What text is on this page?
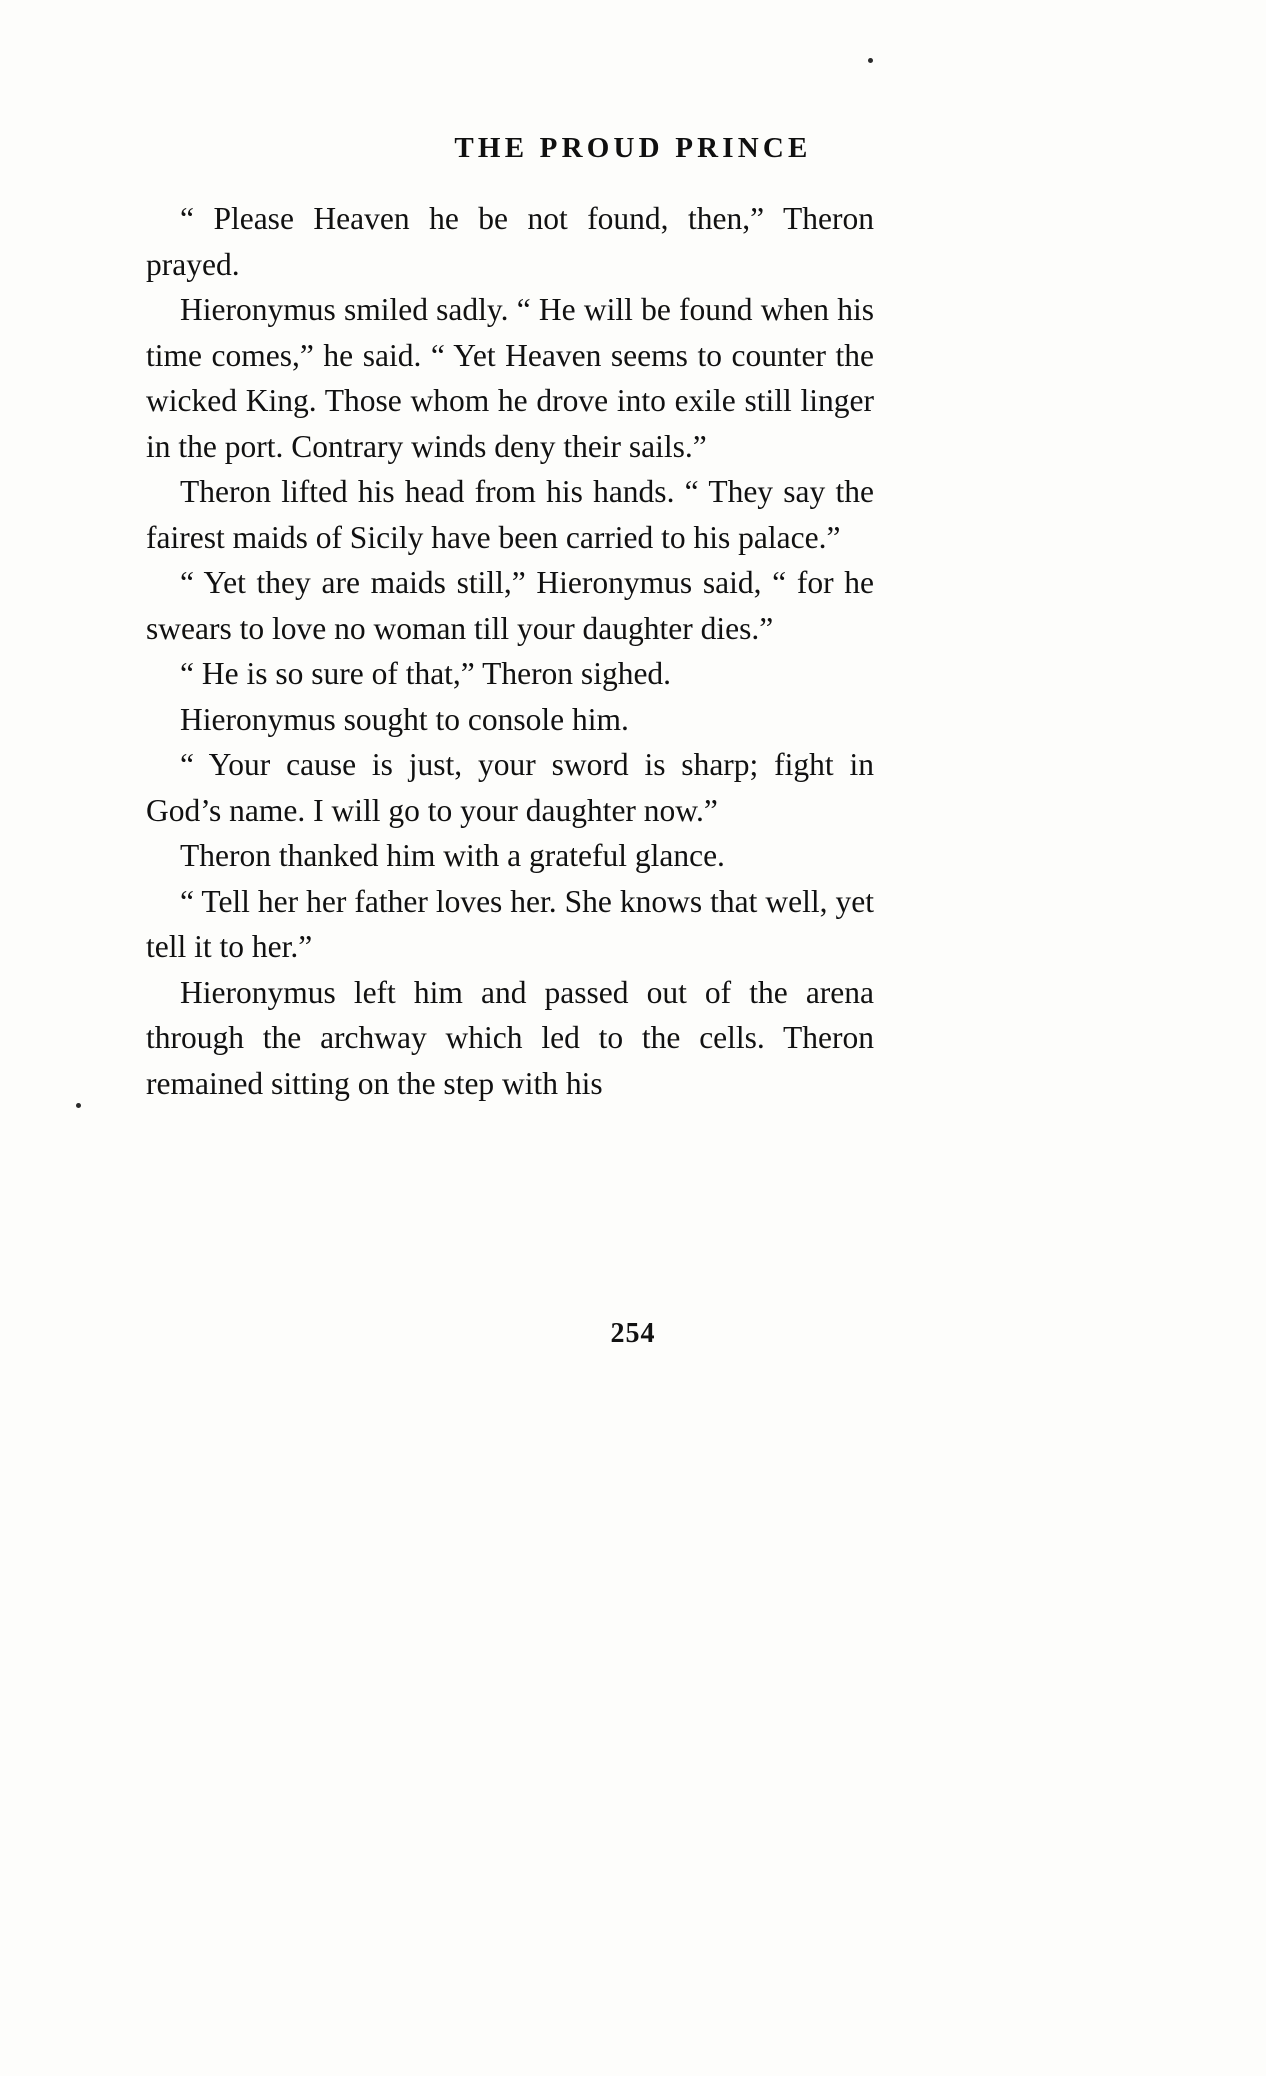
THE PROUD PRINCE

“ Please Heaven he be not found, then,” Theron prayed.

Hieronymus smiled sadly. “ He will be found when his time comes,” he said. “ Yet Heaven seems to counter the wicked King. Those whom he drove into exile still linger in the port. Contrary winds deny their sails.”

Theron lifted his head from his hands. “ They say the fairest maids of Sicily have been carried to his palace.”

“ Yet they are maids still,” Hieronymus said, “ for he swears to love no woman till your daughter dies.”

“ He is so sure of that,” Theron sighed.

Hieronymus sought to console him.

“ Your cause is just, your sword is sharp; fight in God’s name. I will go to your daughter now.”

Theron thanked him with a grateful glance.

“ Tell her her father loves her. She knows that well, yet tell it to her.”

Hieronymus left him and passed out of the arena through the archway which led to the cells. Theron remained sitting on the step with his

254
